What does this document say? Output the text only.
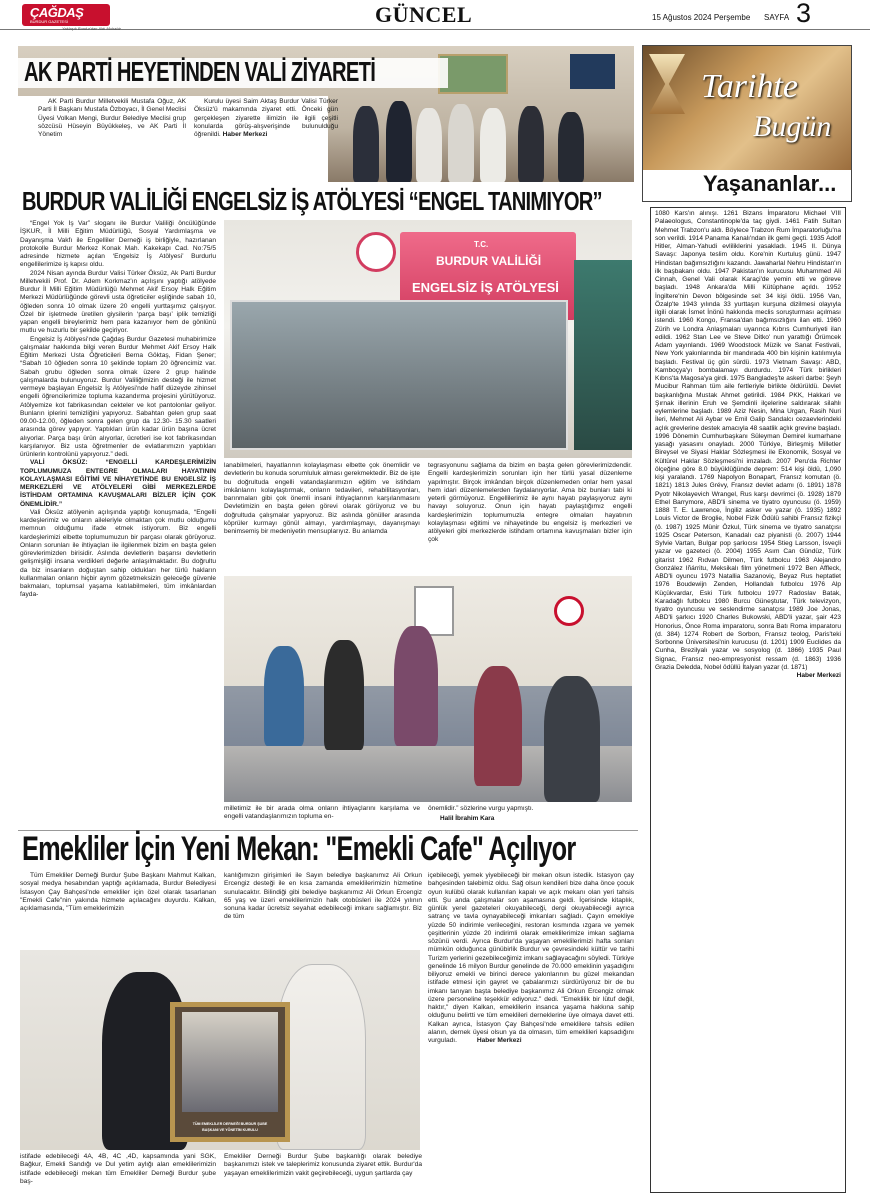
ÇAĞDAŞ
BURDUR GAZETESİ
Yaklaşık Burdur'dan Aldı Muhabir
GÜNCEL	15 Ağustos 2024 Perşembe SAYFA 3
AK PARTİ HEYETİNDEN VALİ ZİYARETİ
AK Parti Burdur Milletvekili Mustafa Oğuz, AK Parti İl Başkanı Mustafa Özboyacı, İl Genel Meclisi Üyesi Volkan Mengi, Burdur Belediye Meclisi grup sözcüsü Hüseyin Büyükkeleş, ve AK Parti İl Yönetim
Kurulu üyesi Saim Aktaş Burdur Valisi Türker Öksüz'ü makamında ziyaret etti. Önceki gün gerçekleşen ziyarette ilimizin ile ilgili çeşitli konularda görüş-alışverişinde bulunulduğu öğrenildi. Haber Merkezi
Tarihte
Bugün
Yaşananlar...
1080 Kars'ın alınışı. 1261 Bizans İmparatoru Michael VIII Palaeologus, Constantinople'da taç giydi. 1461 Fatih Sultan Mehmet Trabzon'u aldı. Böylece Trabzon Rum İmparatorluğu'na son verildi. 1914 Panama Kanalı'ndan ilk gemi geçti. 1935 Adolf Hitler, Alman-Yahudi evliliklerini yasakladı. 1945 II. Dünya Savaşı: Japonya teslim oldu. Kore'nin Kurtuluş günü. 1947 Hindistan bağımsızlığını kazandı. Jawaharlal Nehru Hindistan'ın ilk başbakanı oldu. 1947 Pakistan'ın kurucusu Muhammed Ali Cinnah, Genel Vali olarak Karaçi'de yemin etti ve göreve başladı. 1948 Ankara'da Milli Kütüphane açıldı. 1952 İngiltere'nin Devon bölgesinde sel: 34 kişi öldü. 1956 Van, Özalp'te 1943 yılında 33 yurttaşın kurşuna dizilmesi olayıyla ilgili olarak İsmet İnönü hakkında meclis soruşturması açılması istendi. 1960 Kongo, Fransa'dan bağımsızlığını ilan etti. 1960 Zürih ve Londra Anlaşmaları uyarınca Kıbrıs Cumhuriyeti ilan edildi. 1962 Stan Lee ve Steve Ditko' nun yarattığı Örümcek Adam yayınlandı. 1969 Woodstock Müzik ve Sanat Festivali, New York yakınlarında bir mandırada 400 bin kişinin katılımıyla başladı. Festival üç gün sürdü. 1973 Vietnam Savaşı: ABD, Kamboçya'yı bombalamayı durdurdu. 1974 Türk birlikleri Kıbrıs'ta Magosa'ya girdi. 1975 Bangladeş'te askeri darbe: Şeyh Mucibur Rahman tüm aile fertleriyle birlikte öldürüldü. Devlet başkanlığına Mustak Ahmet getirildi. 1984 PKK, Hakkari ve Şırnak illerinin Eruh ve Şemdinli ilçelerine saldırarak silahlı eylemlerine başladı. 1989 Aziz Nesin, Mina Urgan, Rasih Nuri İleri, Mehmet Ali Aybar ve Emil Galip Sandalcı cezaevlerindeki açlık grevlerine destek amacıyla 48 saatlik açlık grevine başladı. 1996 Dönemin Cumhurbaşkanı Süleyman Demirel kumarhane yasağı yasasını onayladı. 2000 Türkiye, Birleşmiş Milletler Bireysel ve Siyasi Haklar Sözleşmesi ile Ekonomik, Sosyal ve Kültürel Haklar Sözleşmesi'ni imzaladı. 2007 Peru'da Richter ölçeğine göre 8.0 büyüklüğünde deprem: 514 kişi öldü, 1,090 kişi yaralandı. 1769 Napolyon Bonapart, Fransız komutan (ö. 1821) 1813 Jules Grévy, Fransız devlet adamı (ö. 1891) 1878 Pyotr Nikolayevich Wrangel, Rus karşı devrimci (ö. 1928) 1879 Ethel Barrymore, ABD'li sinema ve tiyatro oyuncusu (ö. 1959) 1888 T. E. Lawrence, İngiliz asker ve yazar (ö. 1935) 1892 Louis Victor de Broglie, Nobel Fizik Ödülü sahibi Fransız fizikçi (ö. 1987) 1925 Münir Özkul, Türk sinema ve tiyatro sanatçısı 1925 Oscar Peterson, Kanadalı caz piyanisti (ö. 2007) 1944 Sylvie Vartan, Bulgar pop şarkıcısı 1954 Stieg Larsson, İsveçli yazar ve gazeteci (ö. 2004) 1955 Asım Can Gündüz, Türk gitarist 1962 Rıdvan Dilmen, Türk futbolcu 1963 Alejandro González Iñárritu, Meksikalı film yönetmeni 1972 Ben Affleck, ABD'li oyuncu 1973 Natallia Sazanoviç, Beyaz Rus heptatlet 1976 Boudewijn Zenden, Hollandalı futbolcu 1976 Alp Küçükvardar, Eski Türk futbolcu 1977 Radoslav Batak, Karadağlı futbolcu 1980 Burcu Güneştutar, Türk televizyon, tiyatro oyuncusu ve seslendirme sanatçısı 1989 Joe Jonas, ABD'li şarkıcı 1920 Charles Bukowski, ABD'li yazar, şair 423 Honorius, Önce Roma imparatoru, sonra Batı Roma imparatoru (d. 384) 1274 Robert de Sorbon, Fransız teolog, Paris'teki Sorbonne Üniversitesi'nin kurucusu (d. 1201) 1909 Euclides da Cunha, Brezilyalı yazar ve sosyolog (d. 1866) 1935 Paul Signac, Fransız neo-empresyonist ressam (d. 1863) 1936 Grazia Deledda, Nobel ödüllü İtalyan yazar (d. 1871)
Haber Merkezi
BURDUR VALİLİĞİ ENGELSİZ İŞ ATÖLYESİ “ENGEL TANIMIYOR”

“Engel Yok İş Var” sloganı ile Burdur Valiliği öncülüğünde İŞKUR, İl Milli Eğitim Müdürlüğü, Sosyal Yardımlaşma ve Dayanışma Vakfı ile Engelliler Derneği iş birliğiyle, hazırlanan protokolle Burdur Merkez Konak Mah. Kakekapı Cad. No:75/5 adresinde hizmete açılan ‘Engelsiz İş Atölyesi’ Burdurlu engellilerimize iş kapısı oldu.

2024 Nisan ayında Burdur Valisi Türker Öksüz, Ak Parti Burdur Milletvekili Prof. Dr. Adem Korkmaz'ın açılışını yaptığı atölyede Burdur İl Milli Eğitim Müdürlüğü Mehmet Akif Ersoy Halk Eğitim Merkezi Müdürlüğünde görevli usta öğreticiler eşliğinde sabah 10, öğleden sonra 10 olmak üzere 20 engelli yurttaşımız çalışıyor. Özel bir işletmede üretilen giysilerin ‘parça başı’ iplik temizliği yapan engelli bireylerimiz hem para kazanıyor hem de gönlünü mutlu ve huzurlu bir şekilde geçiriyor.

Engelsiz İş Atölyesi'nde Çağdaş Burdur Gazetesi muhabirimize çalışmalar hakkında bilgi veren Burdur Mehmet Akif Ersoy Halk Eğitim Merkezi Usta Öğreticileri Berna Göktaş, Fidan Şener; “Sabah 10 öğleden sonra 10 şeklinde toplam 20 öğrencimiz var. Sabah grubu öğleden sonra olmak üzere 2 grup halinde çalışmalarda bulunuyoruz. Burdur Valiliğimizin desteği ile hizmet vermeye başlayan Engelsiz İş Atölyesi'nde hafif düzeyde zihinsel engelli öğrencilerimize topluma kazandırma projesini yürütüyoruz. Atölyemize kot fabrikasından cekteler ve kot pantolonlar geliyor. Bunların iplerini temizliğini yapıyoruz. Sabahtan gelen grup saat 09.00-12.00, öğleden sonra gelen grup da 12.30- 15.30 saatleri arasında görev yapıyor. Yaptıkları ürün kadar ürün başına ücret alıyorlar. Parça başı ürün alıyorlar, ücretleri ise kot fabrikasından karşılanıyor. Biz usta öğretmenler de evlatlarımızın yaptıkları ürünlerin kontrolünü yapıyoruz.” dedi.

VALİ ÖKSÜZ: “ENGELLİ KARDEŞLERİMİZİN TOPLUMUMUZA ENTEGRE OLMALARI HAYATININ KOLAYLAŞMASI EĞİTİMİ VE NİHAYETİNDE BU ENGELSİZ İŞ MERKEZLERİ VE ATÖLYELERİ GİBİ MERKEZLERDE İSTİHDAM ORTAMINA KAVUŞMALARI BİZLER İÇİN ÇOK ÖNEMLİDİR.”

Vali Öksüz atölyenin açılışında yaptığı konuşmada, “Engelli kardeşlerimiz ve onların aileleriyle olmaktan çok mutlu olduğumu memnun olduğumu ifade etmek istiyorum. Biz engelli kardeşlerimizi elbette toplumumuzun bir parçası olarak görüyoruz. Onların sorunları ile ihtiyaçları ile ilgilenmek bizim en başta gelen görevlerimizden birisidir. Aslında devletlerin başarısı devletlerin gelişmişliği insana verdikleri değerle anlaşılmaktadır. Bu doğrultu da biz insanların doğuştan sahip oldukları her türlü hakların kullanmaları onların hiçbir ayrım gözetmeksizin geleceğe güvenle bakmaları, toplumsal yaşama katılabilmeleri, tüm imkânlardan fayda-

T.C.
BURDUR VALİLİĞİ
ENGELSİZ İŞ ATÖLYESİ
lanabilmeleri, hayatlarının kolaylaşması elbette çok önemlidir ve devletlerin bu konuda sorumluluk alması gerekmektedir. Biz de işte bu doğrultuda engelli vatandaşlarımızın eğitim ve istihdam imkânlarını kolaylaştırmak, onların tedavileri, rehabilitasyonları, barınmaları gibi çok önemli insani ihtiyaçlarının karşılanmasını Devletimizin en başta gelen görevi olarak görüyoruz ve bu doğrultuda çalışmalar yapıyoruz. Biz aslında gönüller arasında köprüler kurmayı gönül almayı, yardımlaşmayı, dayanışmayı benimsemiş bir medeniyetin mensuplarıyız. Bu anlamda
tegrasyonunu sağlama da bizim en başta gelen görevlerimizdendir. Engelli kardeşlerimizin sorunları için her türlü yasal düzenleme yapılmıştır. Birçok imkândan birçok düzenlemeden onlar hem yasal hem idari düzenlemelerden faydalanıyorlar. Ama biz bunları tabi ki yeterli görmüyoruz. Engellilerimiz ile aynı hayatı paylaşıyoruz aynı havayı soluyoruz. Onun için hayatı paylaştığımız engelli kardeşlerimizin toplumumuzla entegre olmaları hayatının kolaylaşması eğitimi ve nihayetinde bu engelsiz iş merkezleri ve atölyeleri gibi merkezlerde istihdam ortamına kavuşmaları bizler için çok
milletimiz ile bir arada olma onların ihtiyaçlarını karşılama ve engelli vatandaşlarımızın topluma en-
önemlidir.” sözlerine vurgu yapmıştı.
Halil İbrahim Kara
Emekliler İçin Yeni Mekan: "Emekli Cafe" Açılıyor
Tüm Emekliler Derneği Burdur Şube Başkanı Mahmut Kalkan, sosyal medya hesabından yaptığı açıklamada, Burdur Belediyesi İstasyon Çay Bahçesi'nde emekliler için özel olarak tasarlanan "Emekli Cafe"nin yakında hizmete açılacağını duyurdu. Kalkan, açıklamasında, "Tüm emeklerimizin
kanlığımızın girişimleri ile Sayın belediye başkanımız Ali Orkun Ercengiz desteği ile en kısa zamanda emeklilerimizin hizmetine sunulacaktır. Bilindiği gibi belediye başkanımız Ali Orkun Ercengiz 65 yaş ve üzeri emeklilerimizin halk otobüsleri ile 2024 yılının sonuna kadar ücretsiz seyahat edebileceği imkanı sağlamıştır. Biz de tüm
içebileceği, yemek yiyebileceği bir mekan olsun istedik. İstasyon çay bahçesinden talebimiz oldu. Sağ olsun kendileri bize daha önce çocuk oyun kulübü olarak kullanılan kapalı ve açık mekanı olan yeri tahsis etti. Şu anda çalışmalar son aşamasına geldi. İçerisinde kitaplık, günlük yerel gazeteleri okuyabileceği, dergi okuyabileceği ayrıca satranç ve tavla oynayabileceği imkanları sağladı. Çayın emekliye yüzde 50 indirimle verileceğini, restoran kısmında ızgara ve yemek çeşitlerinin yüzde 20 indirimli olarak emeklilerimize imkan sağlama sözünü verdi. Ayrıca Burdur'da yaşayan emeklilerimizi hafta sonları mümkün olduğunca günübirlik Burdur ve çevresindeki kültür ve tarihi Turizm yerlerini gezebileceğimiz imkanı sağlayacağını söyledi. Türkiye genelinde 16 milyon Burdur genelinde de 70.000 emeklinin yaşadığını biliyoruz emekli ve birinci derece yakınlarının bu güzel mekandan istifade etmesi için gayret ve çabalarımızı sürdürüyoruz bir de bu imkanı tanıyan başta belediye başkanımız Ali Orkun Ercengiz olmak üzere personeline teşekkür ediyoruz." dedi. "Emeklilik bir lütuf değil, haktır," diyen Kalkan, emeklilerin insanca yaşama hakkına sahip olduğunu belirtti ve tüm emeklileri derneklerine üye olmaya davet etti. Kalkan ayrıca, İstasyon Çay Bahçesi'nde emeklilere tahsis edilen alanın, dernek üyesi olsun ya da olmasın, tüm emeklileri kapsadığını vurguladı.	Haber Merkezi
TÜM EMEKLİLER DERNEĞİ BURDUR ŞUBE
BAŞKANI VE YÖNETİM KURULU
istifade edebileceği 4A, 4B, 4C ,4D, kapsamında yani SGK, Bağkur, Emekli Sandığı ve Dul yetim aylığı alan emeklilerimizin istifade edebileceği mekan tüm Emekliler Derneği Burdur şube baş-
Emekliler Derneği Burdur Şube başkanlığı olarak belediye başkanımızı istek ve taleplerimiz konusunda ziyaret ettik. Burdur'da yaşayan emeklilerimizin vakit geçirebileceği, uygun şartlarda çay
